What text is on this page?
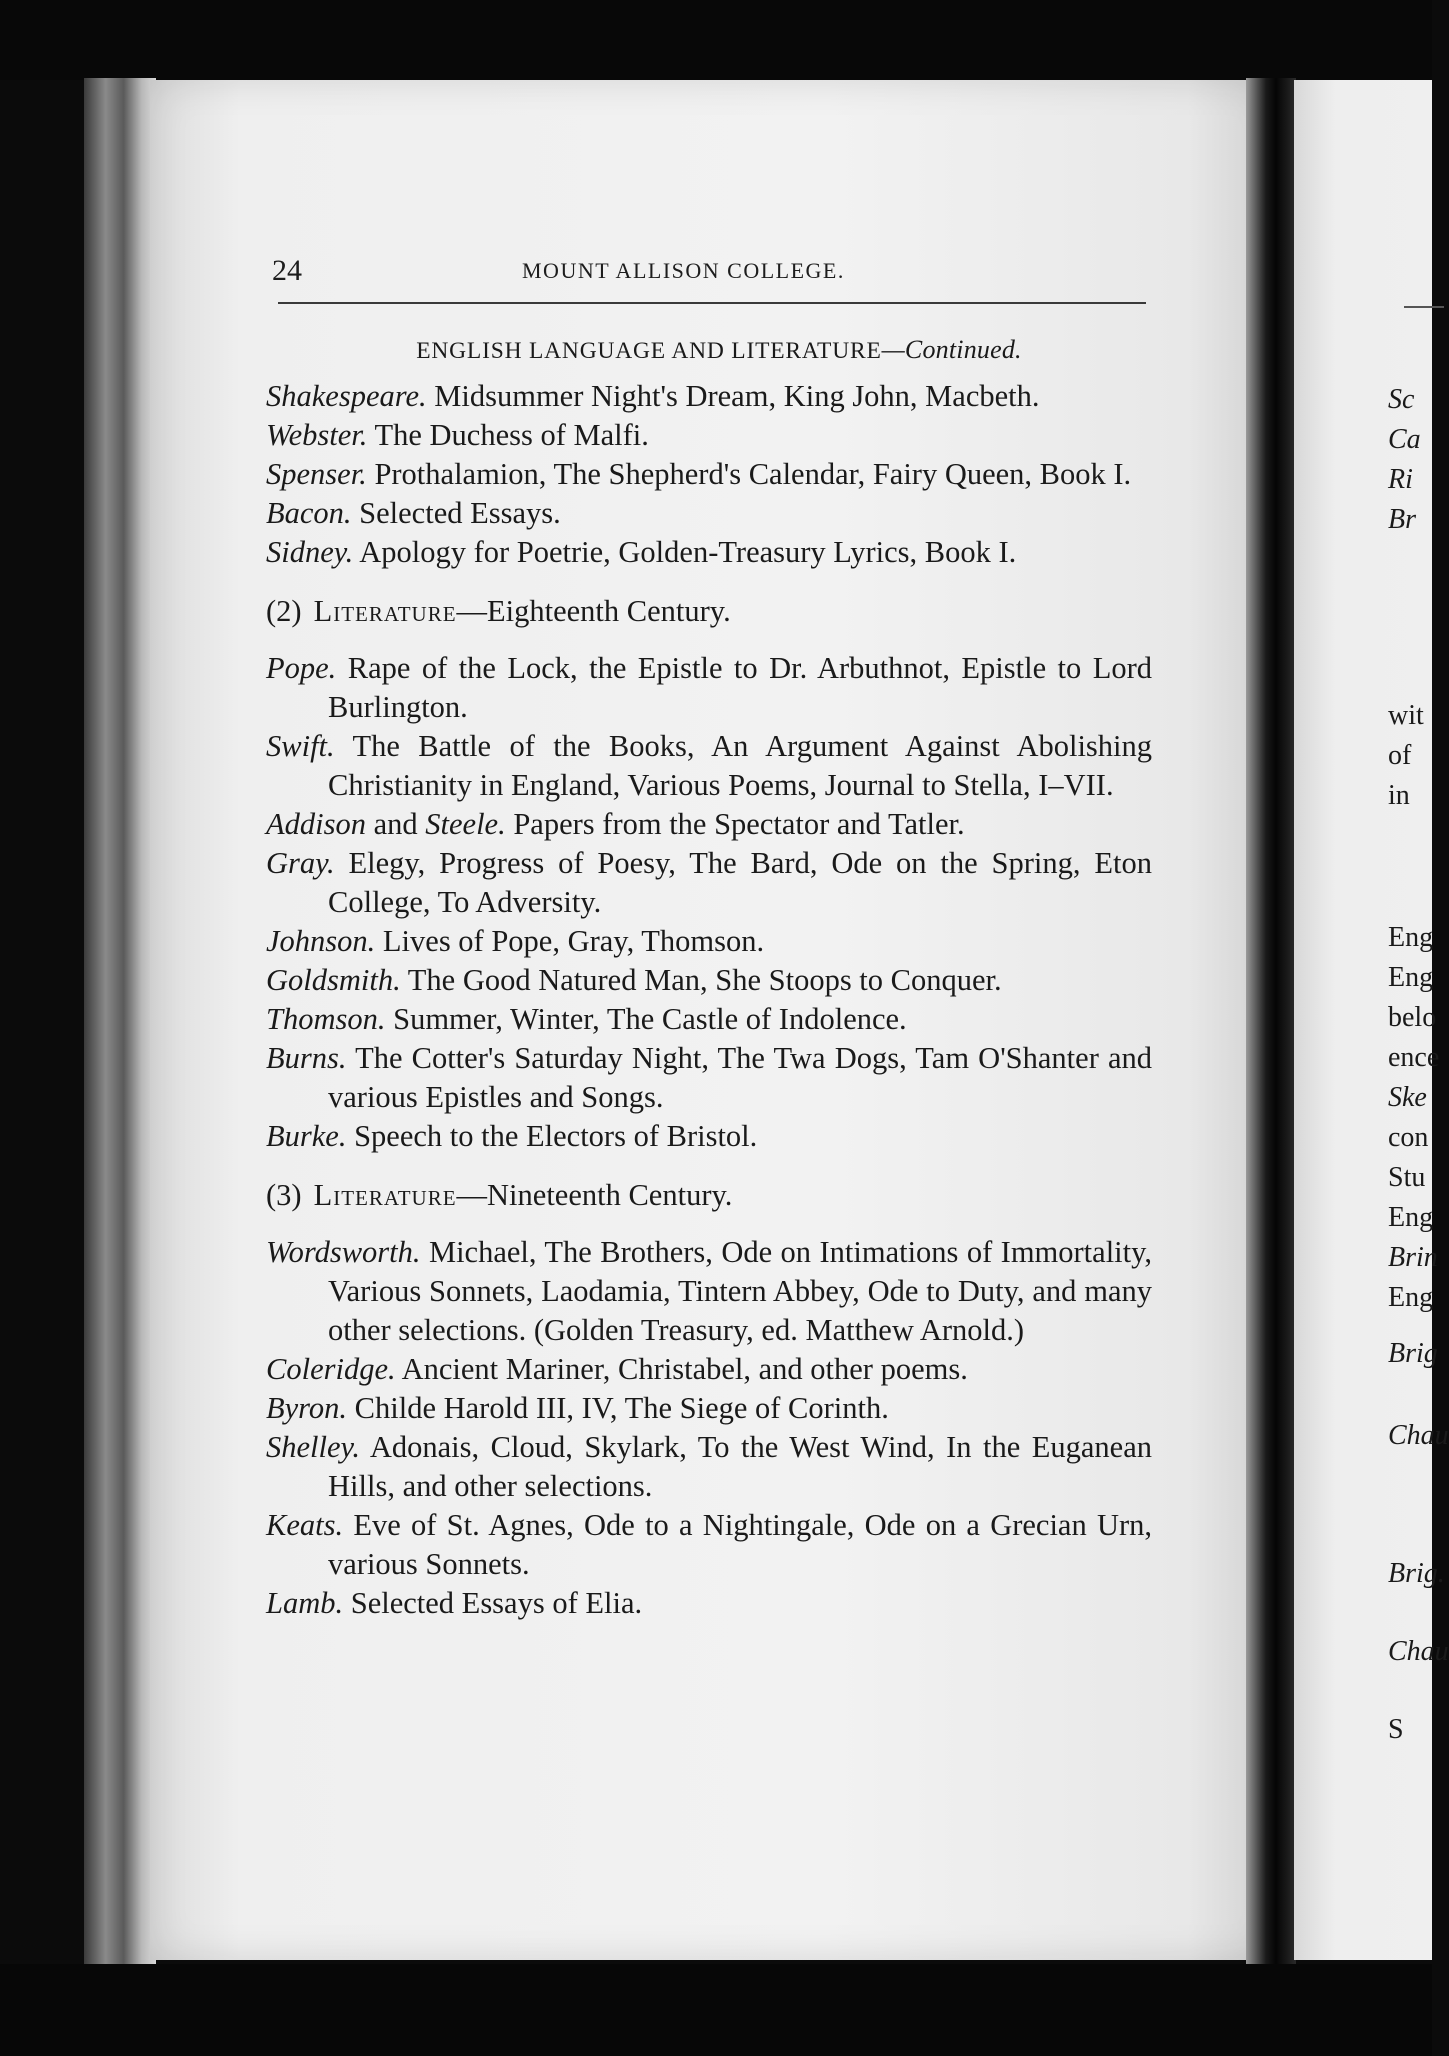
Sc
Ca
Ri
Br
wit
of
in
Eng
Eng
belo
ence
Ske
con
Stu
Eng
Brin
Eng
Brig
Chau
Brig.
Chau
S
24	MOUNT ALLISON COLLEGE.
ENGLISH LANGUAGE AND LITERATURE—Continued.

Shakespeare. Midsummer Night's Dream, King John, Macbeth.

Webster. The Duchess of Malfi.

Spenser. Prothalamion, The Shepherd's Calendar, Fairy Queen, Book I.

Bacon. Selected Essays.

Sidney. Apology for Poetrie, Golden-Treasury Lyrics, Book I.

(2) Literature—Eighteenth Century.

Pope. Rape of the Lock, the Epistle to Dr. Arbuthnot, Epistle to Lord Burlington.

Swift. The Battle of the Books, An Argument Against Abolishing Christianity in England, Various Poems, Journal to Stella, I–VII.

Addison and Steele. Papers from the Spectator and Tatler.

Gray. Elegy, Progress of Poesy, The Bard, Ode on the Spring, Eton College, To Adversity.

Johnson. Lives of Pope, Gray, Thomson.

Goldsmith. The Good Natured Man, She Stoops to Conquer.

Thomson. Summer, Winter, The Castle of Indolence.

Burns. The Cotter's Saturday Night, The Twa Dogs, Tam O'Shanter and various Epistles and Songs.

Burke. Speech to the Electors of Bristol.

(3) Literature—Nineteenth Century.

Wordsworth. Michael, The Brothers, Ode on Intimations of Immortality, Various Sonnets, Laodamia, Tintern Abbey, Ode to Duty, and many other selections. (Golden Treasury, ed. Matthew Arnold.)

Coleridge. Ancient Mariner, Christabel, and other poems.

Byron. Childe Harold III, IV, The Siege of Corinth.

Shelley. Adonais, Cloud, Skylark, To the West Wind, In the Euganean Hills, and other selections.

Keats. Eve of St. Agnes, Ode to a Nightingale, Ode on a Grecian Urn, various Sonnets.

Lamb. Selected Essays of Elia.
